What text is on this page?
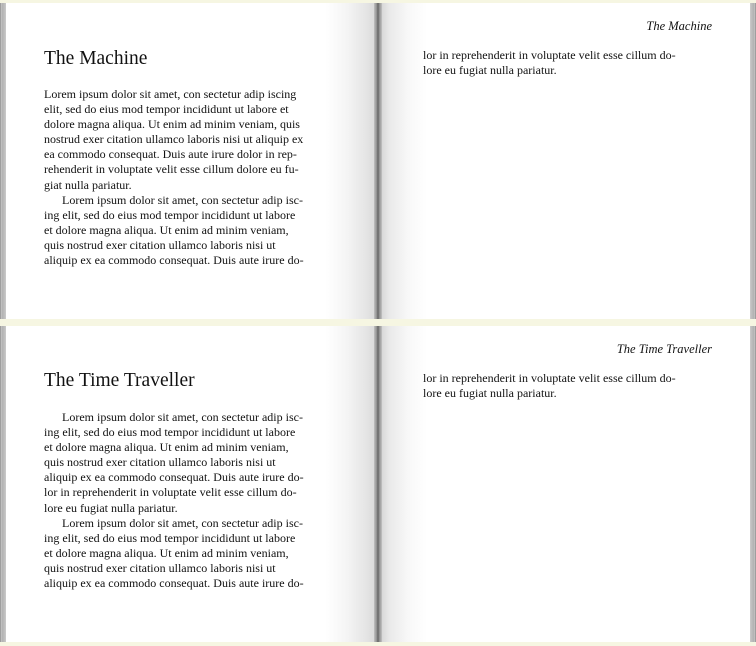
The Machine
Lorem ipsum dolor sit amet, con sectetur adip iscing
elit, sed do eius mod tempor incididunt ut labore et
dolore magna aliqua. Ut enim ad minim veniam, quis
nostrud exer citation ullamco laboris nisi ut aliquip ex
ea commodo consequat. Duis aute irure dolor in rep-
rehenderit in voluptate velit esse cillum dolore eu fu-
giat nulla pariatur.
Lorem ipsum dolor sit amet, con sectetur adip isc-
ing elit, sed do eius mod tempor incididunt ut labore
et dolore magna aliqua. Ut enim ad minim veniam,
quis nostrud exer citation ullamco laboris nisi ut
aliquip ex ea commodo consequat. Duis aute irure do-
The Machine
lor in reprehenderit in voluptate velit esse cillum do-
lore eu fugiat nulla pariatur.
The Time Traveller
Lorem ipsum dolor sit amet, con sectetur adip isc-
ing elit, sed do eius mod tempor incididunt ut labore
et dolore magna aliqua. Ut enim ad minim veniam,
quis nostrud exer citation ullamco laboris nisi ut
aliquip ex ea commodo consequat. Duis aute irure do-
lor in reprehenderit in voluptate velit esse cillum do-
lore eu fugiat nulla pariatur.
Lorem ipsum dolor sit amet, con sectetur adip isc-
ing elit, sed do eius mod tempor incididunt ut labore
et dolore magna aliqua. Ut enim ad minim veniam,
quis nostrud exer citation ullamco laboris nisi ut
aliquip ex ea commodo consequat. Duis aute irure do-
The Time Traveller
lor in reprehenderit in voluptate velit esse cillum do-
lore eu fugiat nulla pariatur.
